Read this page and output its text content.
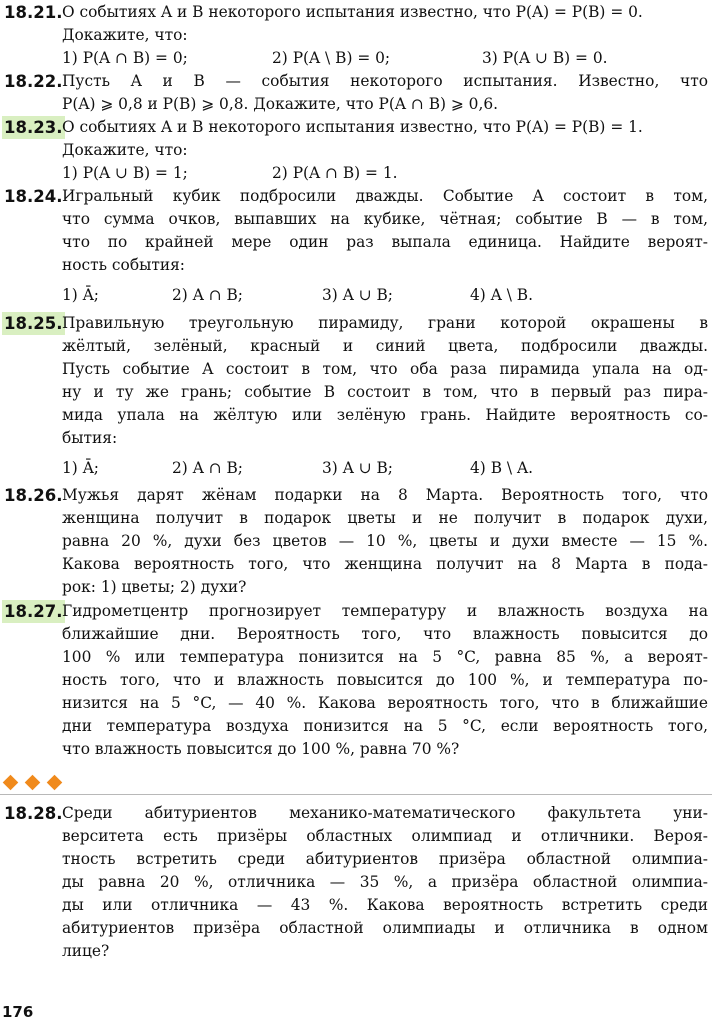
18.21. О событиях A и B некоторого испытания известно, что P(A) = P(B) = 0.
Докажите, что:
1) P(A ∩ B) = 0;	2) P(A \ B) = 0;	3) P(A ∪ B) = 0.
18.22. Пусть A и B — события некоторого испытания. Известно, что
P(A) ⩾ 0,8 и P(B) ⩾ 0,8. Докажите, что P(A ∩ B) ⩾ 0,6.
18.23. О событиях A и B некоторого испытания известно, что P(A) = P(B) = 1.
Докажите, что:
1) P(A ∪ B) = 1;	2) P(A ∩ B) = 1.
18.24. Игральный кубик подбросили дважды. Событие A состоит в том,
что сумма очков, выпавших на кубике, чётная; событие B — в том,
что по крайней мере один раз выпала единица. Найдите вероят-
ность события:
1) Ā;	2) A ∩ B;	3) A ∪ B;	4) A \ B.
18.25. Правильную треугольную пирамиду, грани которой окрашены в
жёлтый, зелёный, красный и синий цвета, подбросили дважды.
Пусть событие A состоит в том, что оба раза пирамида упала на од-
ну и ту же грань; событие B состоит в том, что в первый раз пира-
мида упала на жёлтую или зелёную грань. Найдите вероятность со-
бытия:
1) Ā;	2) A ∩ B;	3) A ∪ B;	4) B \ A.
18.26. Мужья дарят жёнам подарки на 8 Марта. Вероятность того, что
женщина получит в подарок цветы и не получит в подарок духи,
равна 20 %, духи без цветов — 10 %, цветы и духи вместе — 15 %.
Какова вероятность того, что женщина получит на 8 Марта в пода-
рок: 1) цветы; 2) духи?
18.27. Гидрометцентр прогнозирует температуру и влажность воздуха на
ближайшие дни. Вероятность того, что влажность повысится до
100 % или температура понизится на 5 °C, равна 85 %, а вероят-
ность того, что и влажность повысится до 100 %, и температура по-
низится на 5 °C, — 40 %. Какова вероятность того, что в ближайшие
дни температура воздуха понизится на 5 °C, если вероятность того,
что влажность повысится до 100 %, равна 70 %?
18.28. Среди абитуриентов механико-математического факультета уни-
верситета есть призёры областных олимпиад и отличники. Вероя-
тность встретить среди абитуриентов призёра областной олимпиа-
ды равна 20 %, отличника — 35 %, а призёра областной олимпиа-
ды или отличника — 43 %. Какова вероятность встретить среди
абитуриентов призёра областной олимпиады и отличника в одном
лице?
176
